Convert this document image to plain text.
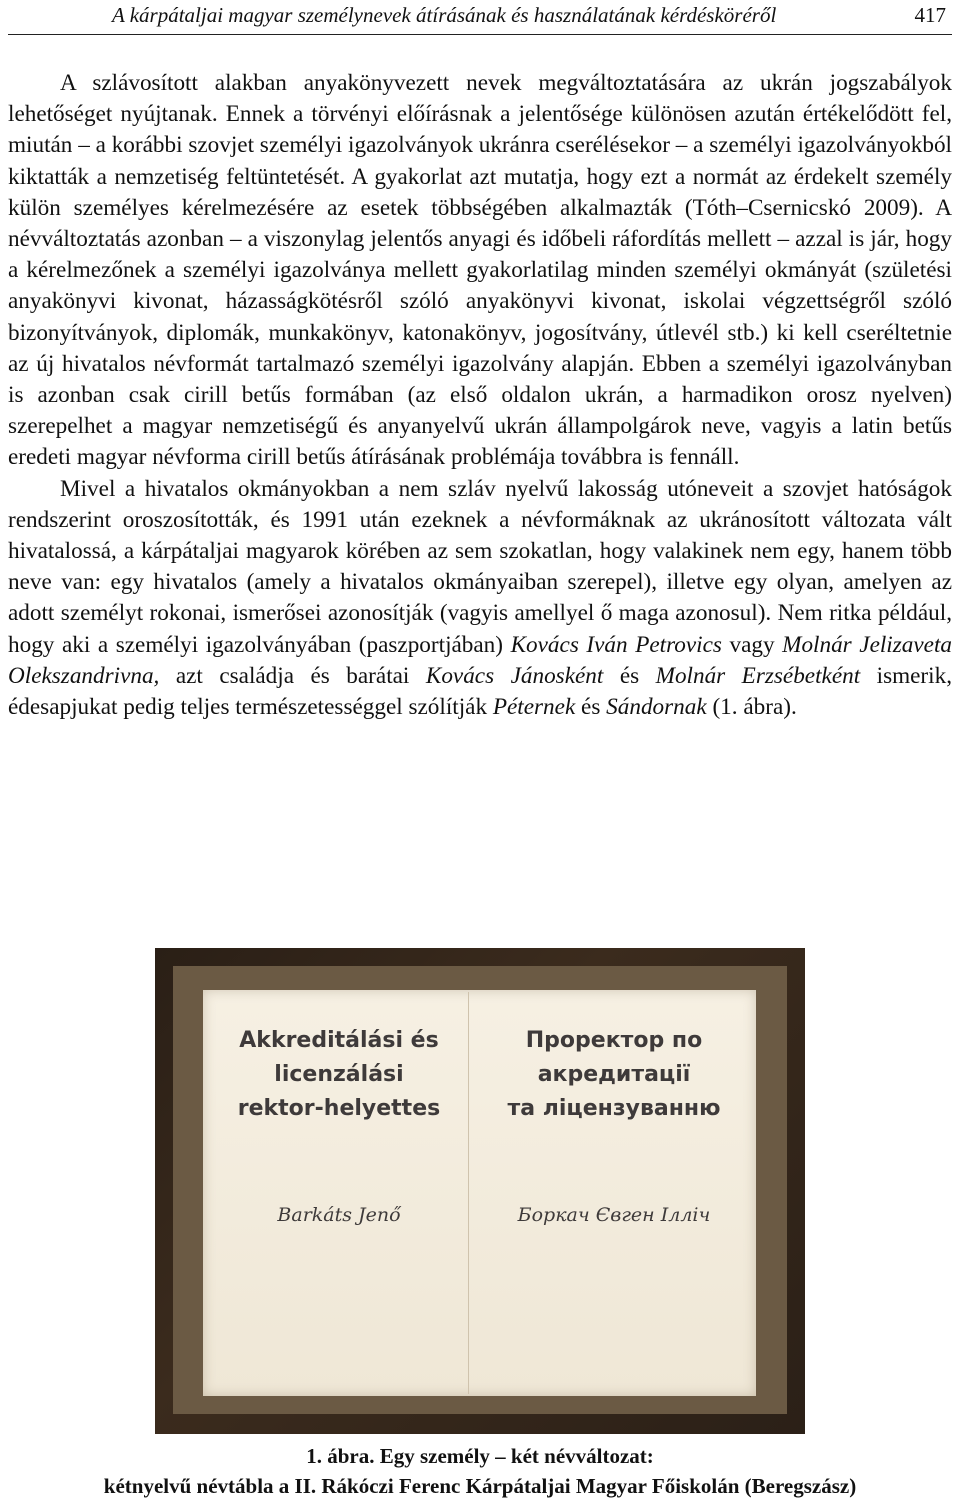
A kárpátaljai magyar személynevek átírásának és használatának kérdésköréről	417

A szlávosított alakban anyakönyvezett nevek megváltoztatására az ukrán jogszabályok lehetőséget nyújtanak. Ennek a törvényi előírásnak a jelentősége különösen azután értékelődött fel, miután – a korábbi szovjet személyi igazolványok ukránra cserélésekor – a személyi igazolványokból kiktatták a nemzetiség feltüntetését. A gyakorlat azt mutatja, hogy ezt a normát az érdekelt személy külön személyes kérelmezésére az esetek többségében alkalmazták (Tóth–Csernicskó 2009). A névváltoztatás azonban – a viszonylag jelentős anyagi és időbeli ráfordítás mellett – azzal is jár, hogy a kérelmezőnek a személyi igazolványa mellett gyakorlatilag minden személyi okmányát (születési anyakönyvi kivonat, házasságkötésről szóló anyakönyvi kivonat, iskolai végzettségről szóló bizonyítványok, diplomák, munkakönyv, katonakönyv, jogosítvány, útlevél stb.) ki kell cseréltetnie az új hivatalos névformát tartalmazó személyi igazolvány alapján. Ebben a személyi igazolványban is azonban csak cirill betűs formában (az első oldalon ukrán, a harmadikon orosz nyelven) szerepelhet a magyar nemzetiségű és anyanyelvű ukrán állampolgárok neve, vagyis a latin betűs eredeti magyar névforma cirill betűs átírásának problémája továbbra is fennáll.

Mivel a hivatalos okmányokban a nem szláv nyelvű lakosság utóneveit a szovjet hatóságok rendszerint oroszosították, és 1991 után ezeknek a névformáknak az ukránosított változata vált hivatalossá, a kárpátaljai magyarok körében az sem szokatlan, hogy valakinek nem egy, hanem több neve van: egy hivatalos (amely a hivatalos okmányaiban szerepel), illetve egy olyan, amelyen az adott személyt rokonai, ismerősei azonosítják (vagyis amellyel ő maga azonosul). Nem ritka például, hogy aki a személyi igazolványában (paszportjában) Kovács Iván Petrovics vagy Molnár Jelizaveta Olekszandrivna, azt családja és barátai Kovács Jánosként és Molnár Erzsébetként ismerik, édesapjukat pedig teljes természetességgel szólítják Péternek és Sándornak (1. ábra).

Akkreditálási és
licenzálási
rektor-helyettes
Проректор по
акредитації
та ліцензуванню
Barkáts Jenő	Боркач Євген Ілліч
1. ábra. Egy személy – két névváltozat:
kétnyelvű névtábla a II. Rákóczi Ferenc Kárpátaljai Magyar Főiskolán (Beregszász)
